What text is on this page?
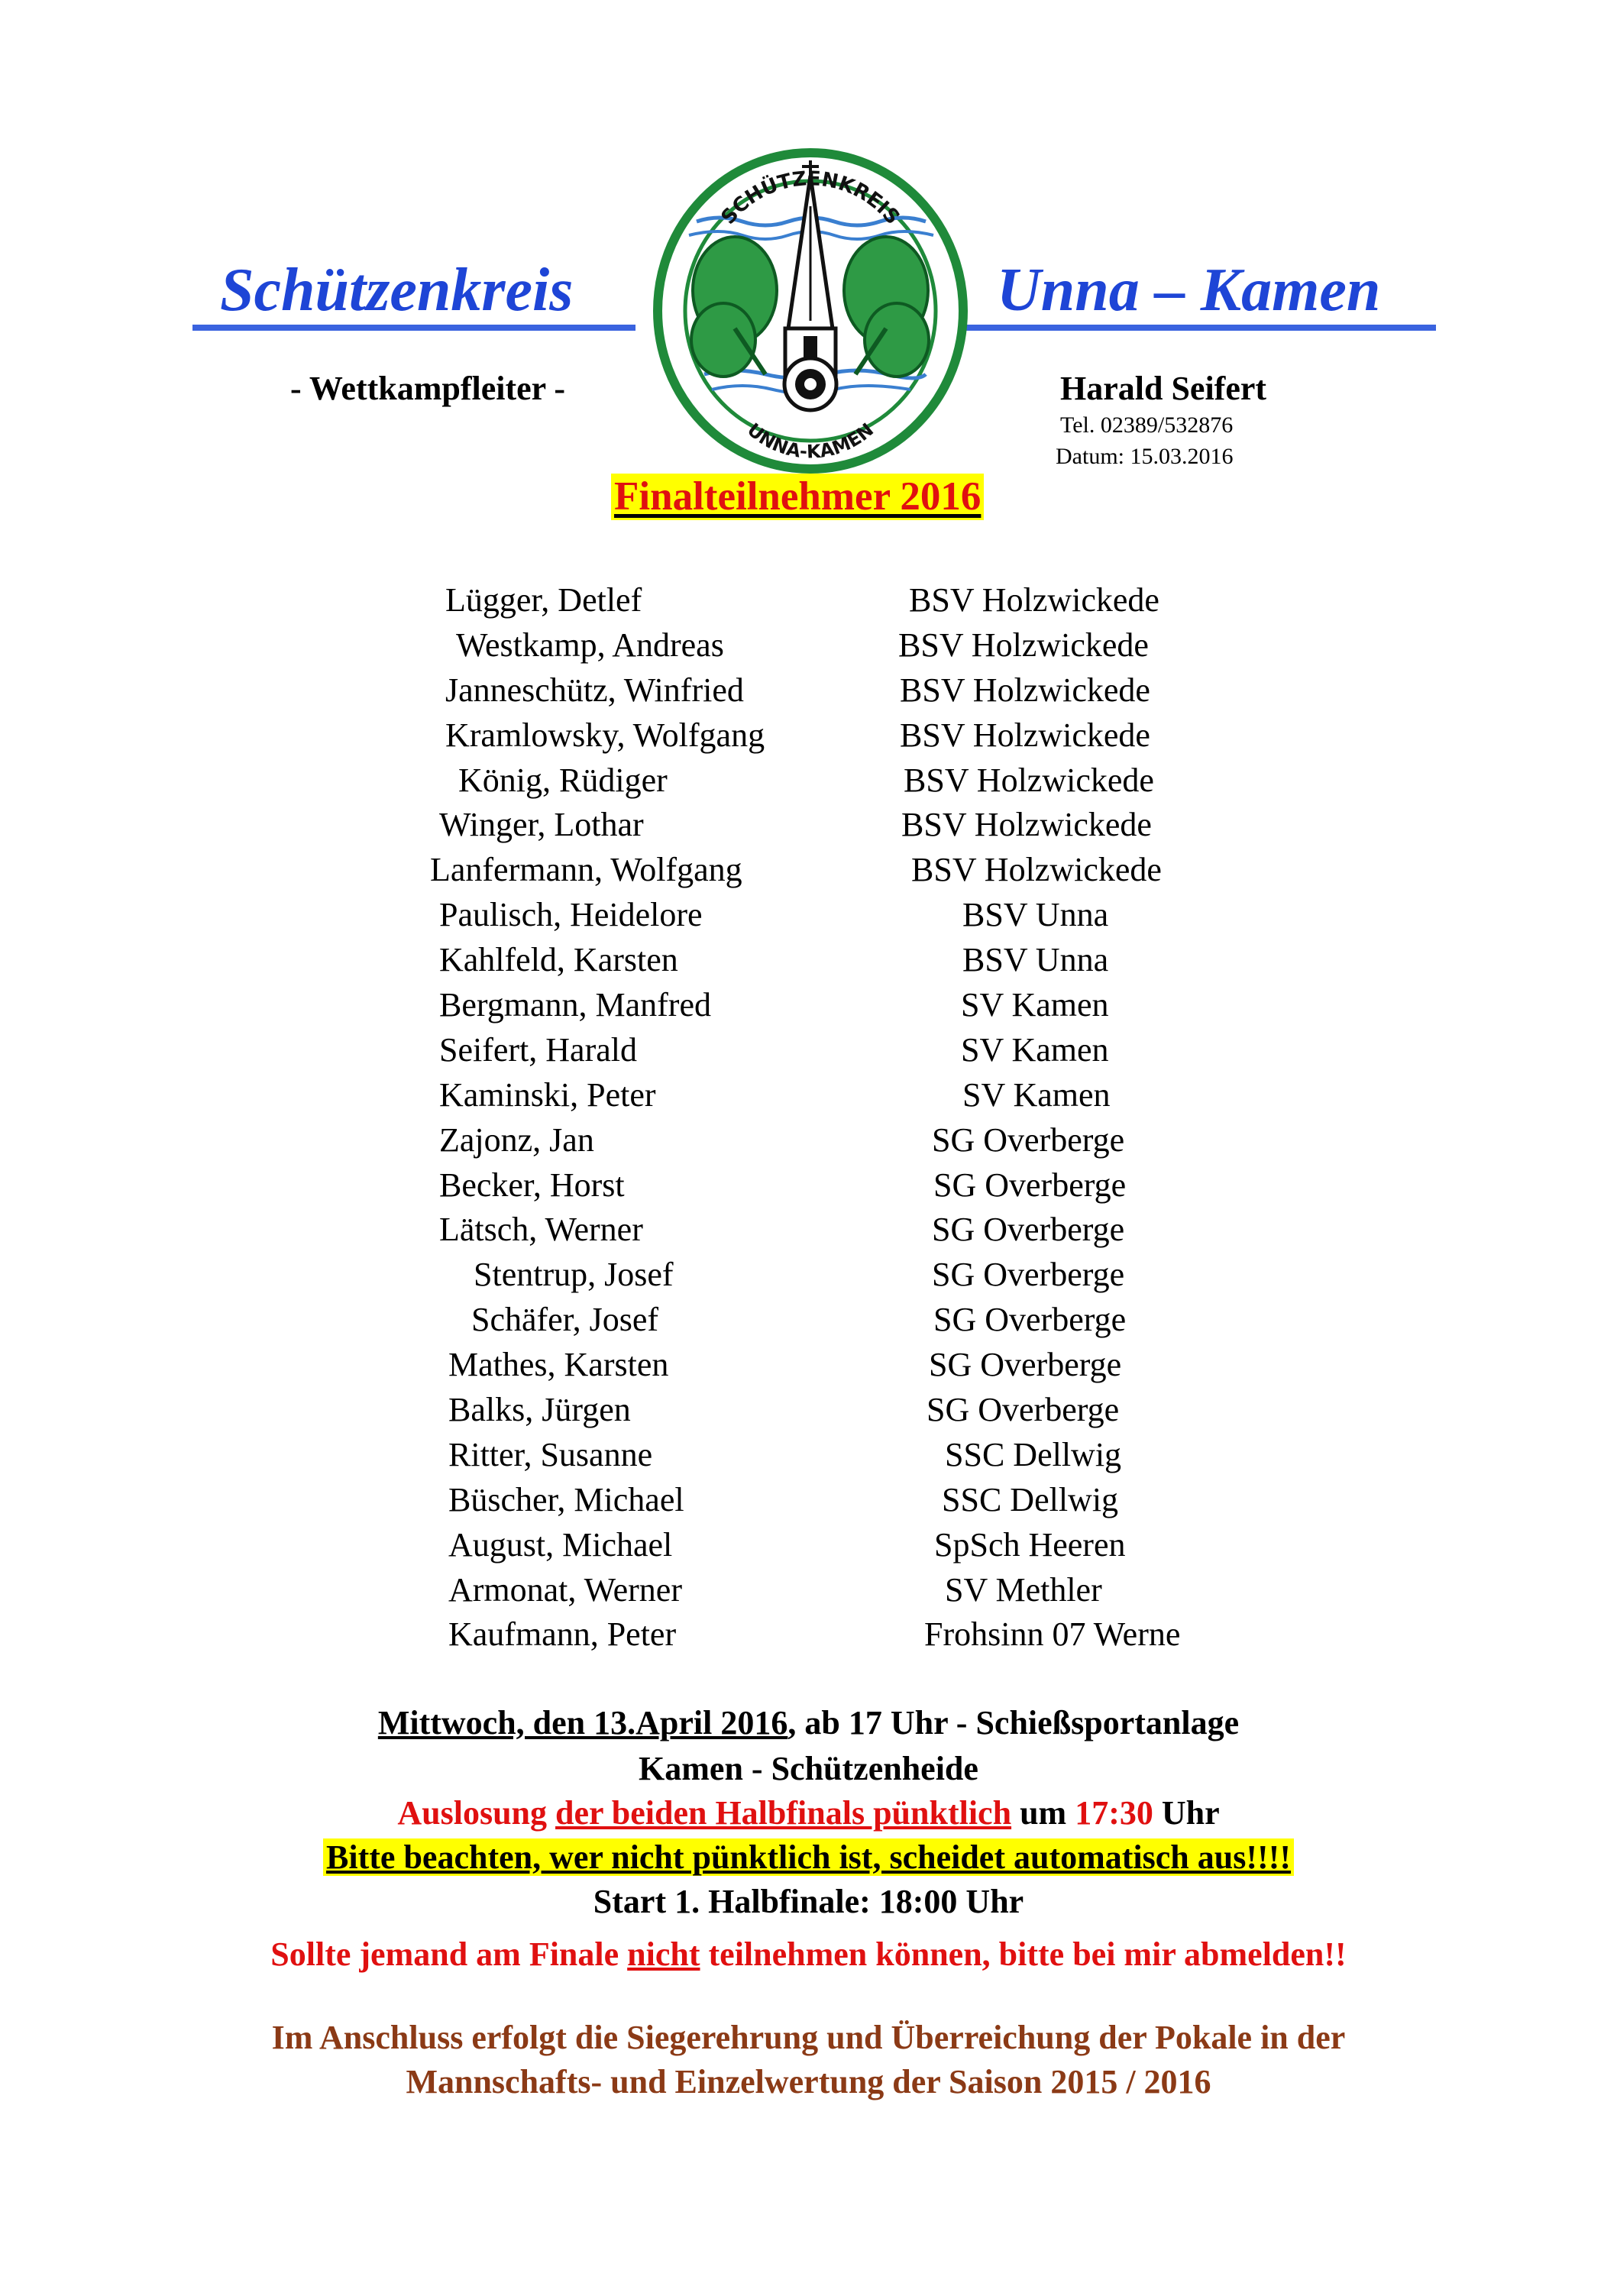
Schützenkreis	Unna – Kamen
- Wettkampfleiter -	Harald Seifert
Tel. 02389/532876
Datum: 15.03.2016
SCHÜTZENKREIS
UNNA-KAMEN
Finalteilnehmer 2016
Lügger, Detlef	BSV Holzwickede
Westkamp, Andreas	BSV Holzwickede
Janneschütz, Winfried	BSV Holzwickede
Kramlowsky, Wolfgang	BSV Holzwickede
König, Rüdiger	BSV Holzwickede
Winger, Lothar	BSV Holzwickede
Lanfermann, Wolfgang	BSV Holzwickede
Paulisch, Heidelore	BSV Unna
Kahlfeld, Karsten	BSV Unna
Bergmann, Manfred	SV Kamen
Seifert, Harald	SV Kamen
Kaminski, Peter	SV Kamen
Zajonz, Jan	SG Overberge
Becker, Horst	SG Overberge
Lätsch, Werner	SG Overberge
Stentrup, Josef	SG Overberge
Schäfer, Josef	SG Overberge
Mathes, Karsten	SG Overberge
Balks, Jürgen	SG Overberge
Ritter, Susanne	SSC Dellwig
Büscher, Michael	SSC Dellwig
August, Michael	SpSch Heeren
Armonat, Werner	SV Methler
Kaufmann, Peter	Frohsinn 07 Werne
Mittwoch, den 13.April 2016, ab 17 Uhr - Schießsportanlage
Kamen - Schützenheide
Auslosung der beiden Halbfinals pünktlich um 17:30 Uhr
Bitte beachten, wer nicht pünktlich ist, scheidet automatisch aus!!!!
Start 1. Halbfinale: 18:00 Uhr
Sollte jemand am Finale nicht teilnehmen können, bitte bei mir abmelden!!
Im Anschluss erfolgt die Siegerehrung und Überreichung der Pokale in der
Mannschafts- und Einzelwertung der Saison 2015 / 2016
